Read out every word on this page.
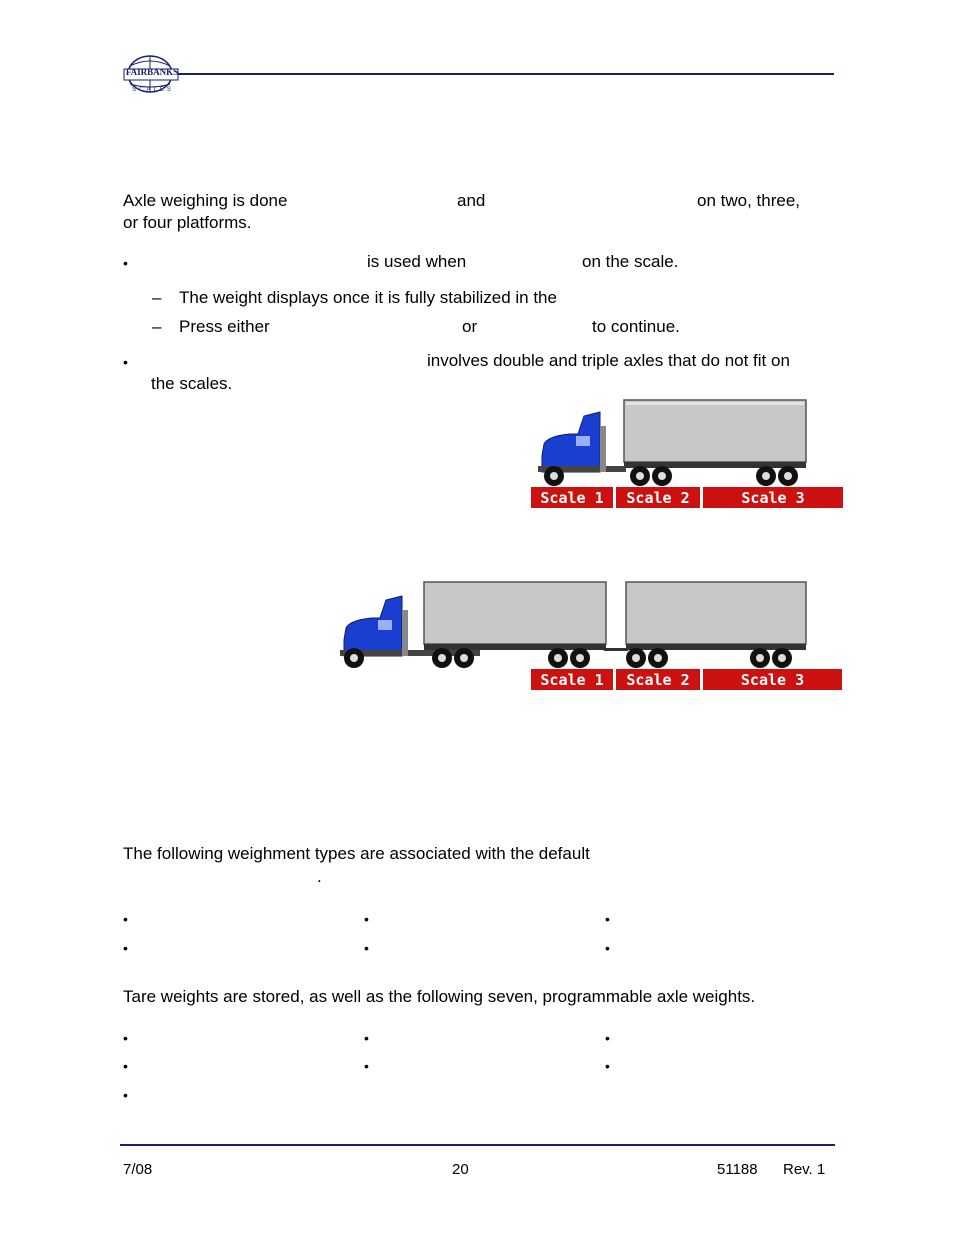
FAIRBANKS
SCALES
Axle weighing is done	and	on two, three,
or four platforms.
•	is used when	on the scale.
– The weight displays once it is fully stabilized in the
– Press either	or	to continue.
•	involves double and triple axles that do not fit on
the scales.
Scale 1	Scale 2	Scale 3
Scale 1	Scale 2	Scale 3
The following weighment types are associated with the default
.
•	•	•
•	•	•
Tare weights are stored, as well as the following seven, programmable axle weights.
•	•	•
•	•	•
•
7/08	20	51188 Rev. 1
